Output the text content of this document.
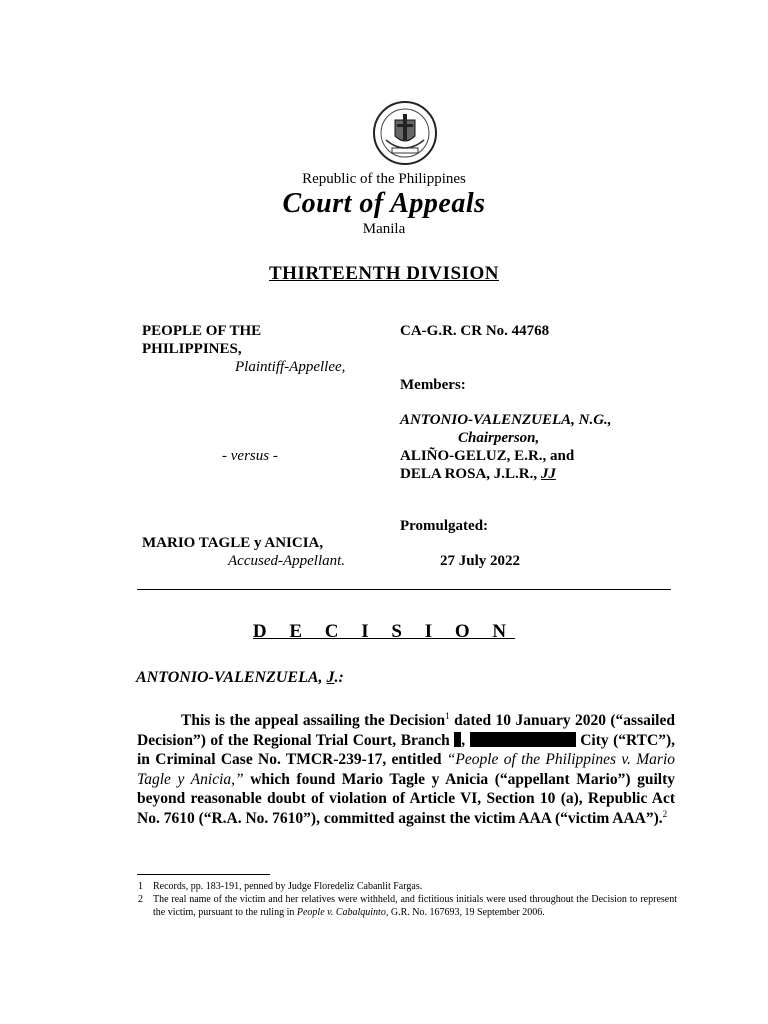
Republic of the Philippines
Court of Appeals
Manila
THIRTEENTH DIVISION
PEOPLE OF THE
PHILIPPINES,
Plaintiff-Appellee,
- versus -
MARIO TAGLE y ANICIA,
Accused-Appellant.
CA-G.R. CR No. 44768
Members:
ANTONIO-VALENZUELA, N.G.,
Chairperson,
ALIÑO-GELUZ, E.R., and
DELA ROSA, J.L.R., JJ
Promulgated:
27 July 2022
D E C I S I O N
ANTONIO-VALENZUELA, J.:
This is the appeal assailing the Decision$^1$ dated 10 January 2020 (“assailed Decision”) of the Regional Trial Court, Branch ,	City (“RTC”), in Criminal Case No. TMCR-239-17, entitled “People of the Philippines v. Mario Tagle y Anicia,” which found Mario Tagle y Anicia (“appellant Mario”) guilty beyond reasonable doubt of violation of Article VI, Section 10 (a), Republic Act No. 7610 (“R.A. No. 7610”), committed against the victim AAA (“victim AAA”).$^2$
1	Records, pp. 183-191, penned by Judge Floredeliz Cabanlit Fargas.
2	The real name of the victim and her relatives were withheld, and fictitious initials were used throughout the Decision to represent the victim, pursuant to the ruling in People v. Cabalquinto, G.R. No. 167693, 19 September 2006.
